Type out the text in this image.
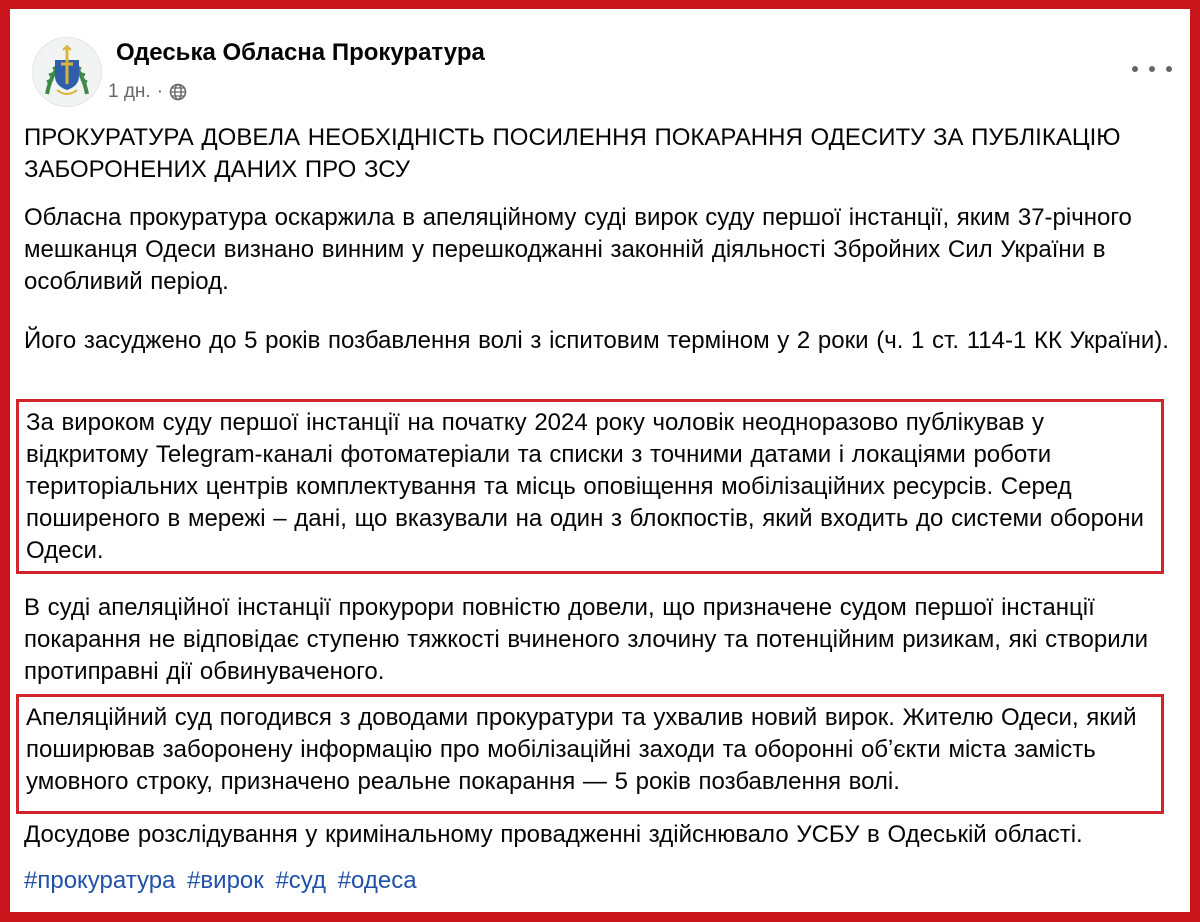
Одеська Обласна Прокуратура
1 дн. ·

ПРОКУРАТУРА ДОВЕЛА НЕОБХІДНІСТЬ ПОСИЛЕННЯ ПОКАРАННЯ ОДЕСИТУ ЗА ПУБЛІКАЦІЮ ЗАБОРОНЕНИХ ДАНИХ ПРО ЗСУ

Обласна прокуратура оскаржила в апеляційному суді вирок суду першої інстанції, яким 37-річного мешканця Одеси визнано винним у перешкоджанні законній діяльності Збройних Сил України в особливий період.

Його засуджено до 5 років позбавлення волі з іспитовим терміном у 2 роки (ч. 1 ст. 114-1 КК України).

За вироком суду першої інстанції на початку 2024 року чоловік неодноразово публікував у відкритому Telegram-каналі фотоматеріали та списки з точними датами і локаціями роботи територіальних центрів комплектування та місць оповіщення мобілізаційних ресурсів. Серед поширеного в мережі – дані, що вказували на один з блокпостів, який входить до системи оборони Одеси.

В суді апеляційної інстанції прокурори повністю довели, що призначене судом першої інстанції покарання не відповідає ступеню тяжкості вчиненого злочину та потенційним ризикам, які створили протиправні дії обвинуваченого.

Апеляційний суд погодився з доводами прокуратури та ухвалив новий вирок. Жителю Одеси, який поширював заборонену інформацію про мобілізаційні заходи та оборонні обʼєкти міста замість умовного строку, призначено реальне покарання — 5 років позбавлення волі.

Досудове розслідування у кримінальному провадженні здійснювало УСБУ в Одеській області.

#прокуратура #вирок #суд #одеса
